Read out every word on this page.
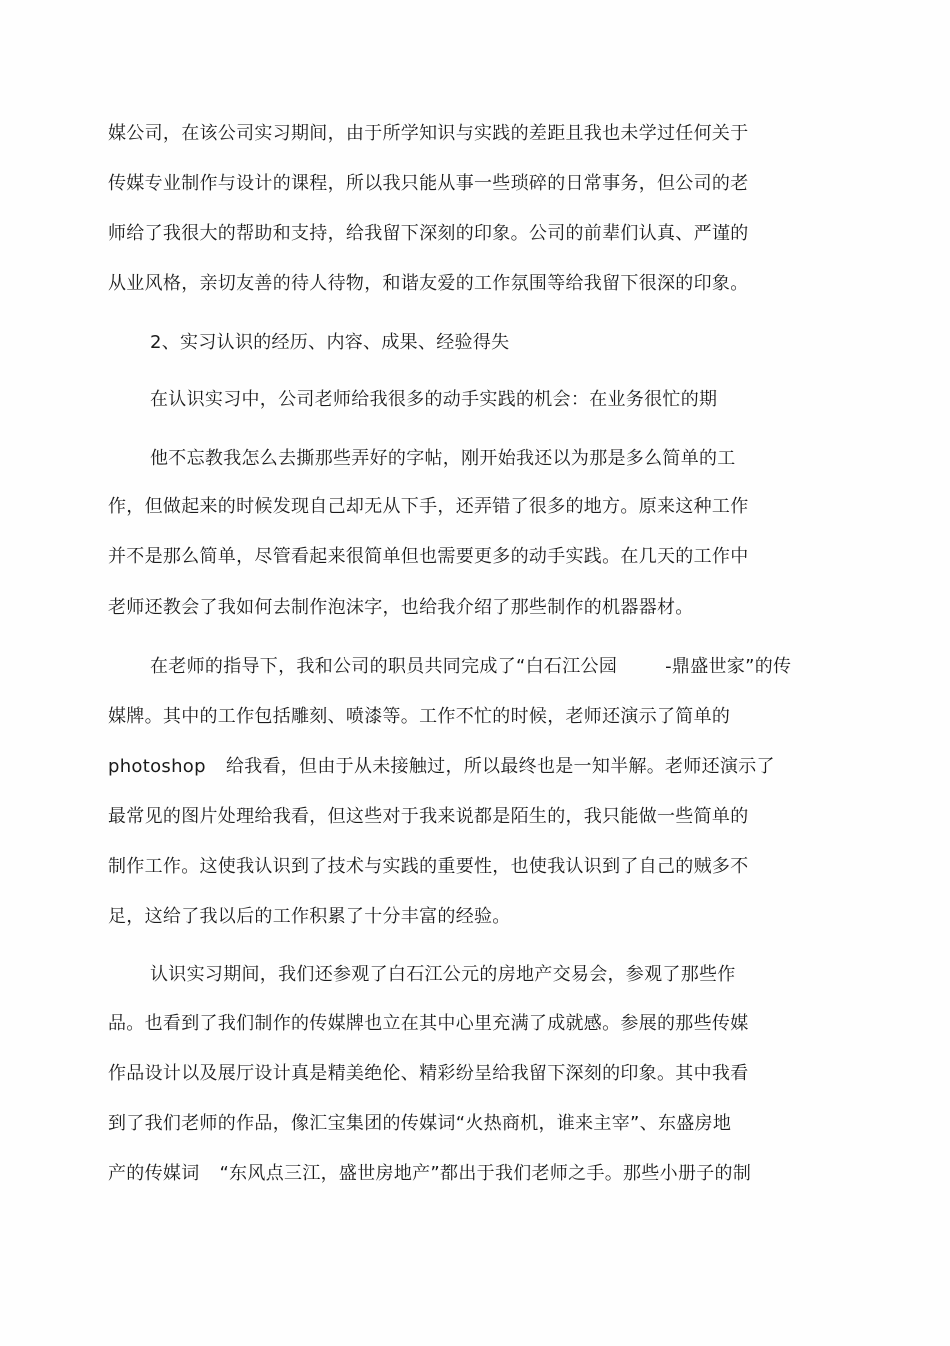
媒公司，在该公司实习期间，由于所学知识与实践的差距且我也未学过任何关于
传媒专业制作与设计的课程，所以我只能从事一些琐碎的日常事务，但公司的老
师给了我很大的帮助和支持，给我留下深刻的印象。公司的前辈们认真、严谨的
从业风格，亲切友善的待人待物，和谐友爱的工作氛围等给我留下很深的印象。
2、实习认识的经历、内容、成果、经验得失
在认识实习中，公司老师给我很多的动手实践的机会：在业务很忙的期
他不忘教我怎么去撕那些弄好的字帖，刚开始我还以为那是多么简单的工
作，但做起来的时候发现自己却无从下手，还弄错了很多的地方。原来这种工作
并不是那么简单，尽管看起来很简单但也需要更多的动手实践。在几天的工作中
老师还教会了我如何去制作泡沫字，也给我介绍了那些制作的机器器材。
在老师的指导下，我和公司的职员共同完成了“白石江公园	-鼎盛世家”的传
媒牌。其中的工作包括雕刻、喷漆等。工作不忙的时候，老师还演示了简单的
photoshop 给我看，但由于从未接触过，所以最终也是一知半解。老师还演示了
最常见的图片处理给我看，但这些对于我来说都是陌生的，我只能做一些简单的
制作工作。这使我认识到了技术与实践的重要性，也使我认识到了自己的贼多不
足，这给了我以后的工作积累了十分丰富的经验。
认识实习期间，我们还参观了白石江公元的房地产交易会，参观了那些作
品。也看到了我们制作的传媒牌也立在其中心里充满了成就感。参展的那些传媒
作品设计以及展厅设计真是精美绝伦、精彩纷呈给我留下深刻的印象。其中我看
到了我们老师的作品，像汇宝集团的传媒词“火热商机，谁来主宰”、东盛房地
产的传媒词 “东风点三江，盛世房地产”都出于我们老师之手。那些小册子的制
